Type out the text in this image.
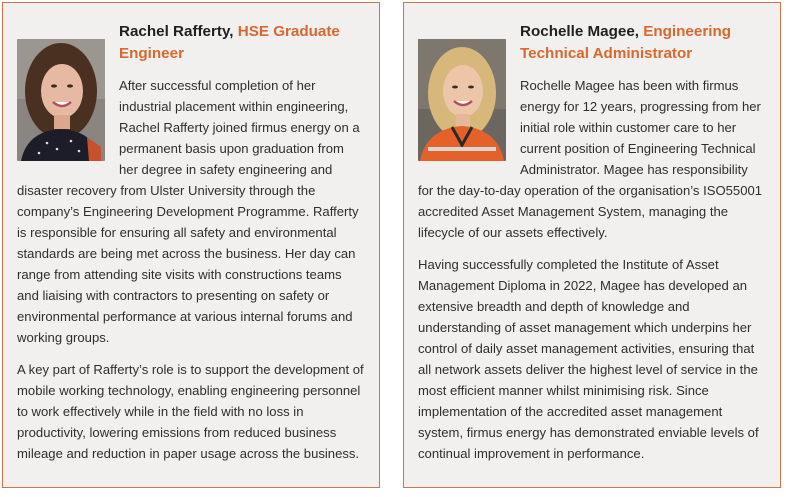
Rachel Rafferty, HSE Graduate Engineer

After successful completion of her industrial placement within engineering, Rachel Rafferty joined firmus energy on a permanent basis upon graduation from her degree in safety engineering and disaster recovery from Ulster University through the company’s Engineering Development Programme. Rafferty is responsible for ensuring all safety and environmental standards are being met across the business. Her day can range from attending site visits with constructions teams and liaising with contractors to presenting on safety or environmental performance at various internal forums and working groups.

A key part of Rafferty’s role is to support the development of mobile working technology, enabling engineering personnel to work effectively while in the field with no loss in productivity, lowering emissions from reduced business mileage and reduction in paper usage across the business.

Rochelle Magee, Engineering Technical Administrator

Rochelle Magee has been with firmus energy for 12 years, progressing from her initial role within customer care to her current position of Engineering Technical Administrator. Magee has responsibility for the day-to-day operation of the organisation’s ISO55001 accredited Asset Management System, managing the lifecycle of our assets effectively.

Having successfully completed the Institute of Asset Management Diploma in 2022, Magee has developed an extensive breadth and depth of knowledge and understanding of asset management which underpins her control of daily asset management activities, ensuring that all network assets deliver the highest level of service in the most efficient manner whilst minimising risk. Since implementation of the accredited asset management system, firmus energy has demonstrated enviable levels of continual improvement in performance.
